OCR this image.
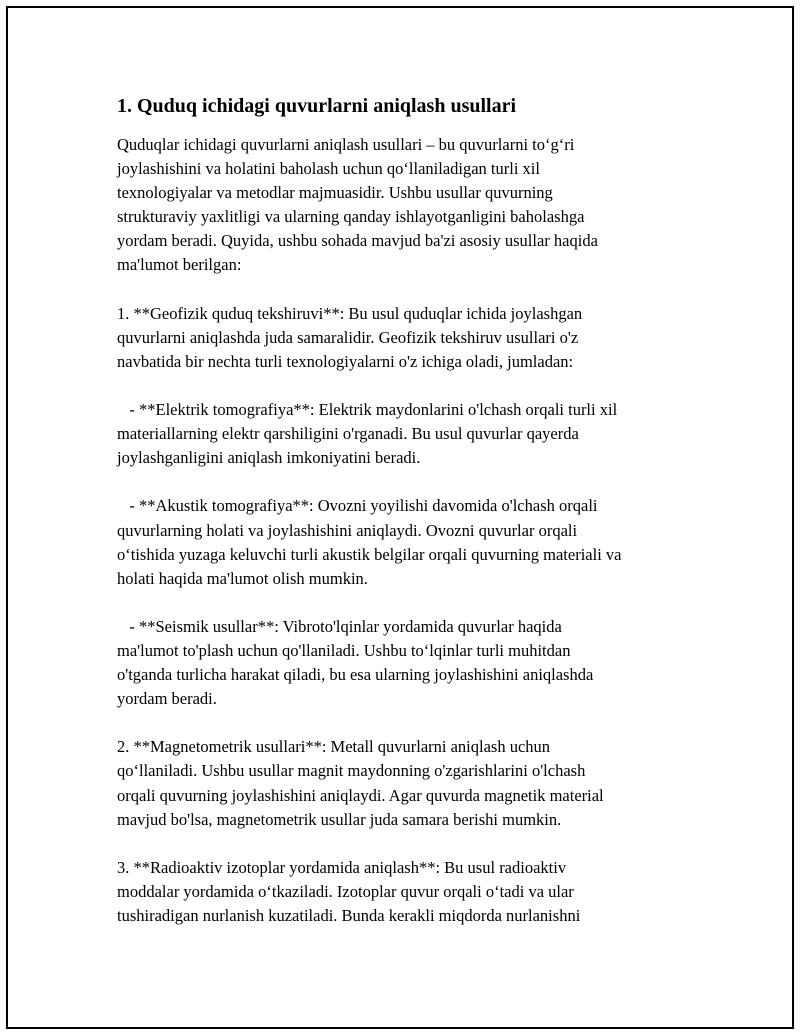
1. Quduq ichidagi quvurlarni aniqlash usullari
Quduqlar ichidagi quvurlarni aniqlash usullari – bu quvurlarni to‘g‘ri
joylashishini va holatini baholash uchun qo‘llaniladigan turli xil
texnologiyalar va metodlar majmuasidir. Ushbu usullar quvurning
strukturaviy yaxlitligi va ularning qanday ishlayotganligini baholashga
yordam beradi. Quyida, ushbu sohada mavjud ba'zi asosiy usullar haqida
ma'lumot berilgan:
1. **Geofizik quduq tekshiruvi**: Bu usul quduqlar ichida joylashgan
quvurlarni aniqlashda juda samaralidir. Geofizik tekshiruv usullari o'z
navbatida bir nechta turli texnologiyalarni o'z ichiga oladi, jumladan:
- **Elektrik tomografiya**: Elektrik maydonlarini o'lchash orqali turli xil
materiallarning elektr qarshiligini o'rganadi. Bu usul quvurlar qayerda
joylashganligini aniqlash imkoniyatini beradi.
- **Akustik tomografiya**: Ovozni yoyilishi davomida o'lchash orqali
quvurlarning holati va joylashishini aniqlaydi. Ovozni quvurlar orqali
o‘tishida yuzaga keluvchi turli akustik belgilar orqali quvurning materiali va
holati haqida ma'lumot olish mumkin.
- **Seismik usullar**: Vibroto'lqinlar yordamida quvurlar haqida
ma'lumot to'plash uchun qo'llaniladi. Ushbu to‘lqinlar turli muhitdan
o'tganda turlicha harakat qiladi, bu esa ularning joylashishini aniqlashda
yordam beradi.
2. **Magnetometrik usullari**: Metall quvurlarni aniqlash uchun
qo‘llaniladi. Ushbu usullar magnit maydonning o'zgarishlarini o'lchash
orqali quvurning joylashishini aniqlaydi. Agar quvurda magnetik material
mavjud bo'lsa, magnetometrik usullar juda samara berishi mumkin.
3. **Radioaktiv izotoplar yordamida aniqlash**: Bu usul radioaktiv
moddalar yordamida o‘tkaziladi. Izotoplar quvur orqali o‘tadi va ular
tushiradigan nurlanish kuzatiladi. Bunda kerakli miqdorda nurlanishni
